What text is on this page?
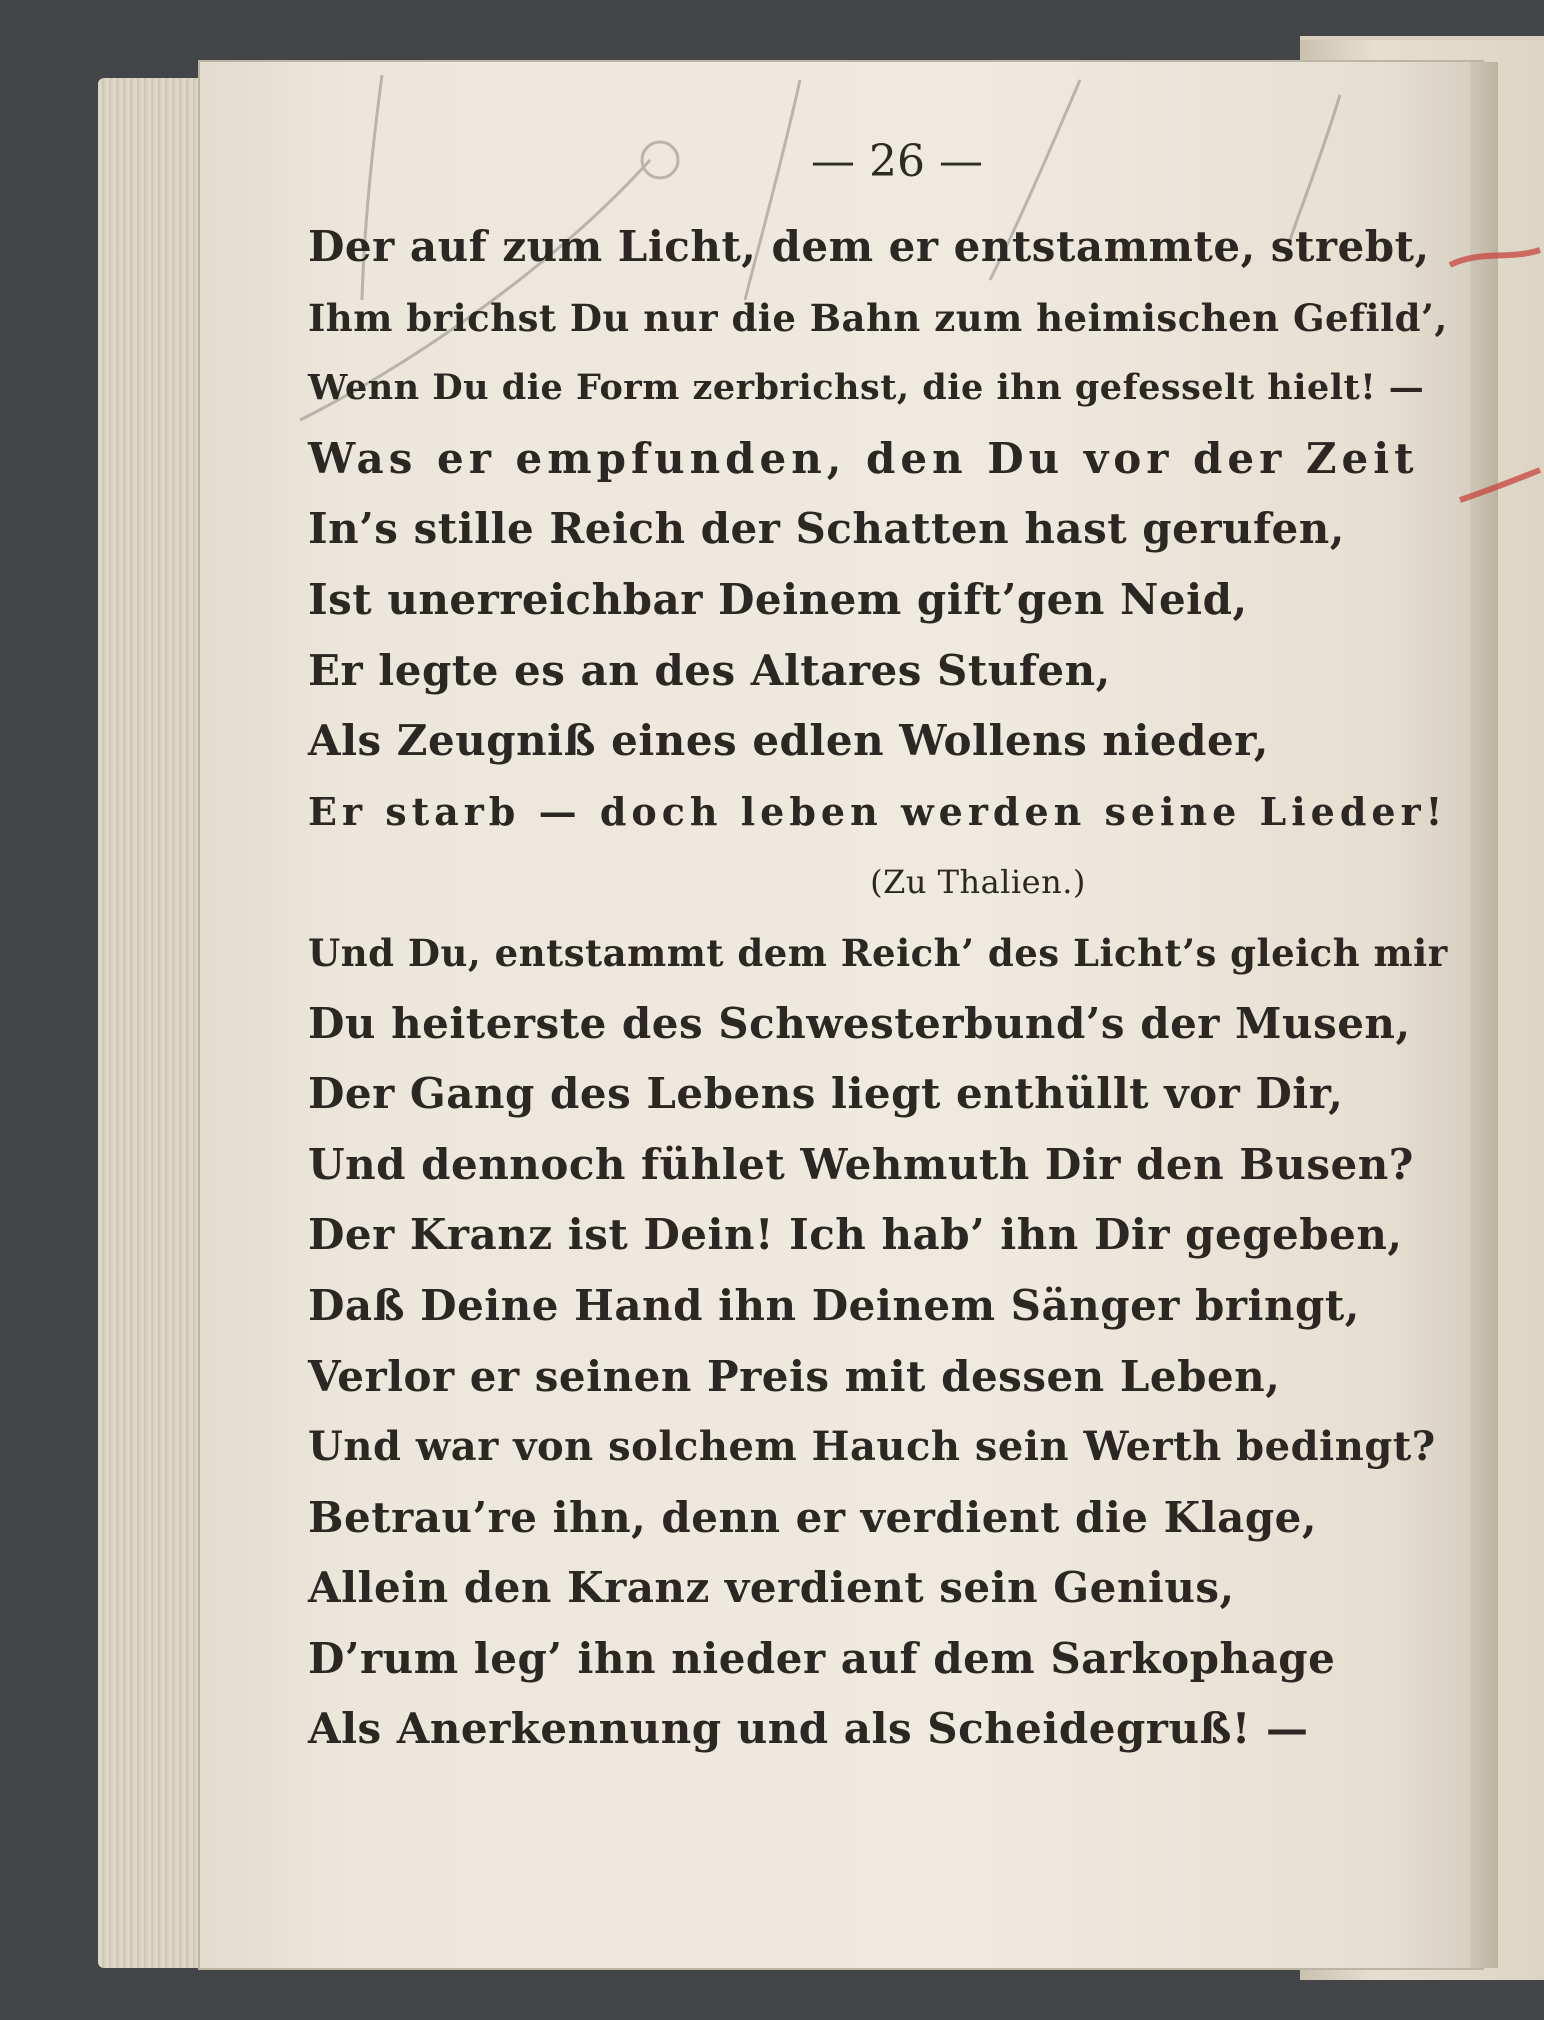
— 26 —
Der auf zum Licht, dem er entstammte, strebt,
Ihm brichst Du nur die Bahn zum heimischen Gefild’,
Wenn Du die Form zerbrichst, die ihn gefesselt hielt! —
Was er empfunden, den Du vor der Zeit
In’s stille Reich der Schatten hast gerufen,
Ist unerreichbar Deinem gift’gen Neid,
Er legte es an des Altares Stufen,
Als Zeugniß eines edlen Wollens nieder,
Er starb — doch leben werden seine Lieder!
(Zu Thalien.)
Und Du, entstammt dem Reich’ des Licht’s gleich mir
Du heiterste des Schwesterbund’s der Musen,
Der Gang des Lebens liegt enthüllt vor Dir,
Und dennoch fühlet Wehmuth Dir den Busen?
Der Kranz ist Dein! Ich hab’ ihn Dir gegeben,
Daß Deine Hand ihn Deinem Sänger bringt,
Verlor er seinen Preis mit dessen Leben,
Und war von solchem Hauch sein Werth bedingt?
Betrau’re ihn, denn er verdient die Klage,
Allein den Kranz verdient sein Genius,
D’rum leg’ ihn nieder auf dem Sarkophage
Als Anerkennung und als Scheidegruß! —
